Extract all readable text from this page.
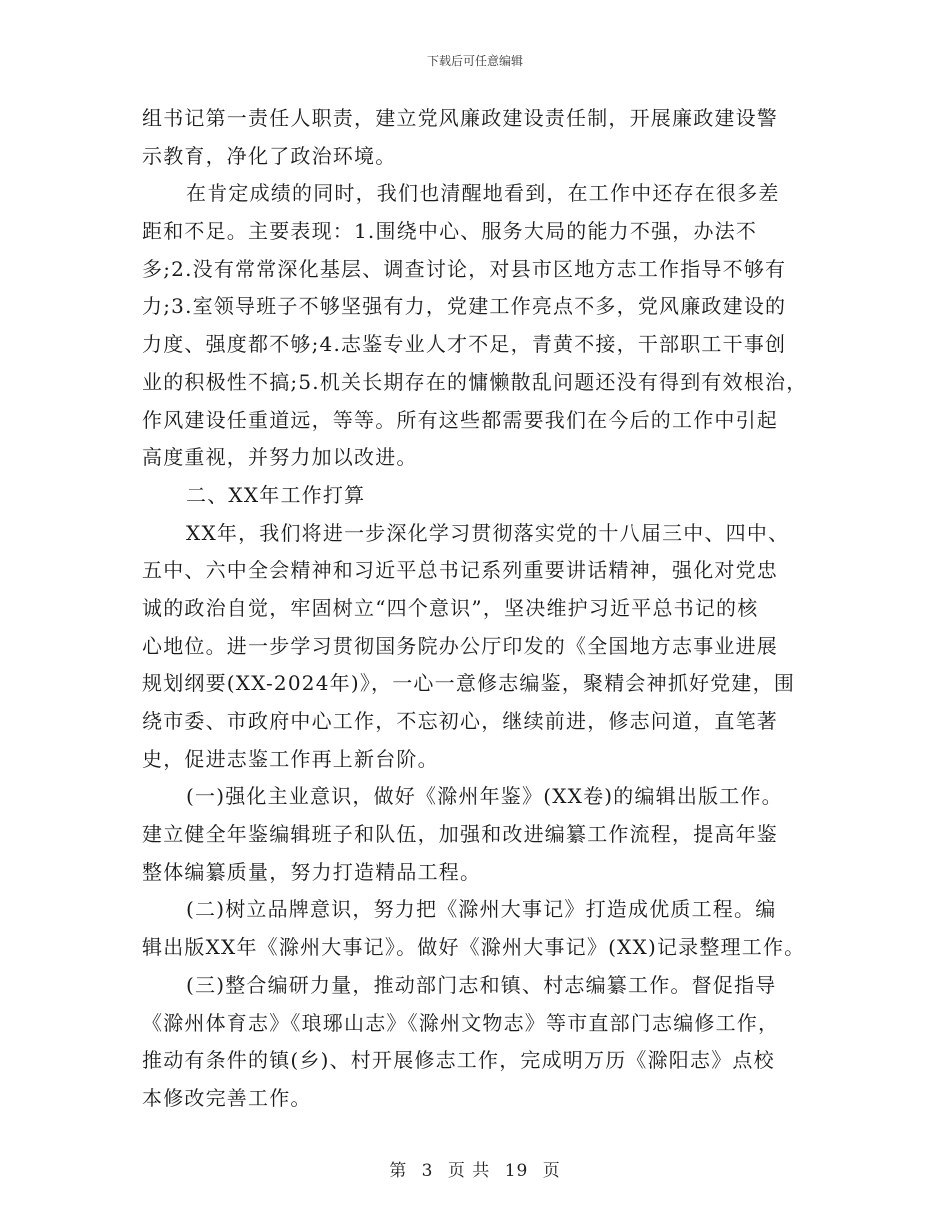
下载后可任意编辑
组书记第一责任人职责，建立党风廉政建设责任制，开展廉政建设警
示教育，净化了政治环境。
在肯定成绩的同时，我们也清醒地看到，在工作中还存在很多差
距和不足。主要表现：1.围绕中心、服务大局的能力不强，办法不
多;2.没有常常深化基层、调查讨论，对县市区地方志工作指导不够有
力;3.室领导班子不够坚强有力，党建工作亮点不多，党风廉政建设的
力度、强度都不够;4.志鉴专业人才不足，青黄不接，干部职工干事创
业的积极性不搞;5.机关长期存在的慵懒散乱问题还没有得到有效根治，
作风建设任重道远，等等。所有这些都需要我们在今后的工作中引起
高度重视，并努力加以改进。
二、XX年工作打算
XX年，我们将进一步深化学习贯彻落实党的十八届三中、四中、
五中、六中全会精神和习近平总书记系列重要讲话精神，强化对党忠
诚的政治自觉，牢固树立“四个意识”，坚决维护习近平总书记的核
心地位。进一步学习贯彻国务院办公厅印发的《全国地方志事业进展
规划纲要(XX-2024年)》，一心一意修志编鉴，聚精会神抓好党建，围
绕市委、市政府中心工作，不忘初心，继续前进，修志问道，直笔著
史，促进志鉴工作再上新台阶。
(一)强化主业意识，做好《滁州年鉴》(XX卷)的编辑出版工作。
建立健全年鉴编辑班子和队伍，加强和改进编纂工作流程，提高年鉴
整体编纂质量，努力打造精品工程。
(二)树立品牌意识，努力把《滁州大事记》打造成优质工程。编
辑出版XX年《滁州大事记》。做好《滁州大事记》(XX)记录整理工作。
(三)整合编研力量，推动部门志和镇、村志编纂工作。督促指导
《滁州体育志》《琅琊山志》《滁州文物志》等市直部门志编修工作，
推动有条件的镇(乡)、村开展修志工作，完成明万历《滁阳志》点校
本修改完善工作。
第 3 页 共 19 页
